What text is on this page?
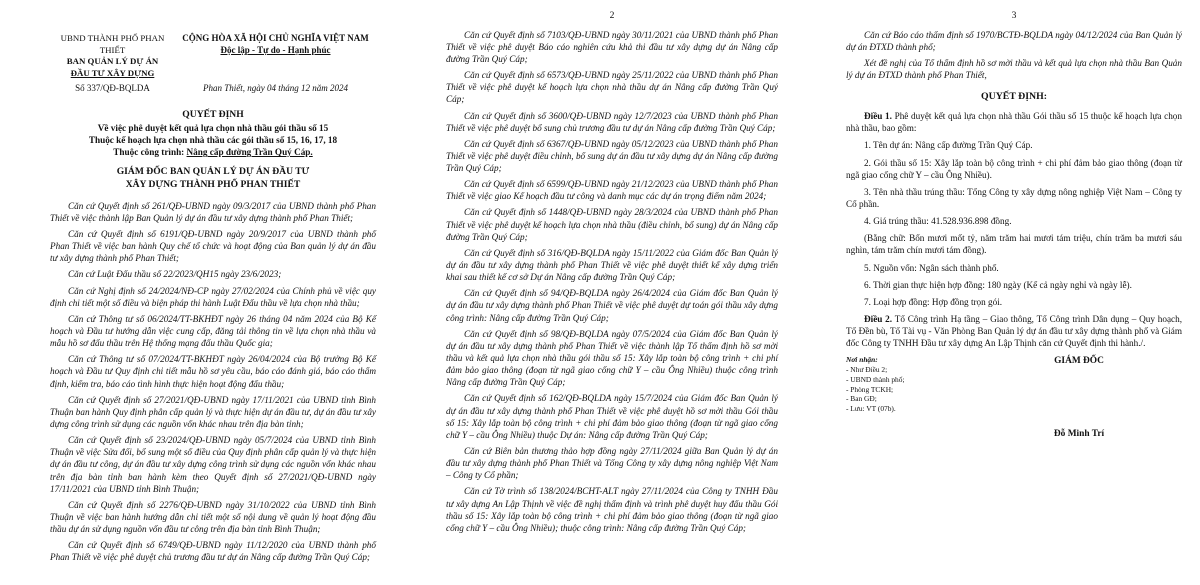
UBND THÀNH PHỐ PHAN THIẾT
BAN QUẢN LÝ DỰ ÁN
ĐẦU TƯ XÂY DỰNG
CỘNG HÒA XÃ HỘI CHỦ NGHĨA VIỆT NAM
Độc lập - Tự do - Hạnh phúc
Số 337/QĐ-BQLDA	Phan Thiết, ngày 04 tháng 12 năm 2024
QUYẾT ĐỊNH
Về việc phê duyệt kết quả lựa chọn nhà thầu gói thầu số 15
Thuộc kế hoạch lựa chọn nhà thầu các gói thầu số 15, 16, 17, 18
Thuộc công trình: Nâng cấp đường Trần Quý Cáp.
GIÁM ĐỐC BAN QUẢN LÝ DỰ ÁN ĐẦU TƯ
XÂY DỰNG THÀNH PHỐ PHAN THIẾT

Căn cứ Quyết định số 261/QĐ-UBND ngày 09/3/2017 của UBND thành phố Phan Thiết về việc thành lập Ban Quản lý dự án đầu tư xây dựng thành phố Phan Thiết;

Căn cứ Quyết định số 6191/QĐ-UBND ngày 20/9/2017 của UBND thành phố Phan Thiết về việc ban hành Quy chế tổ chức và hoạt động của Ban quản lý dự án đầu tư xây dựng thành phố Phan Thiết;

Căn cứ Luật Đấu thầu số 22/2023/QH15 ngày 23/6/2023;

Căn cứ Nghị định số 24/2024/NĐ-CP ngày 27/02/2024 của Chính phủ về việc quy định chi tiết một số điều và biện pháp thi hành Luật Đấu thầu về lựa chọn nhà thầu;

Căn cứ Thông tư số 06/2024/TT-BKHĐT ngày 26 tháng 04 năm 2024 của Bộ Kế hoạch và Đầu tư hướng dẫn việc cung cấp, đăng tải thông tin về lựa chọn nhà thầu và mẫu hồ sơ đấu thầu trên Hệ thống mạng đấu thầu Quốc gia;

Căn cứ Thông tư số 07/2024/TT-BKHĐT ngày 26/04/2024 của Bộ trưởng Bộ Kế hoạch và Đầu tư Quy định chi tiết mẫu hồ sơ yêu cầu, báo cáo đánh giá, báo cáo thẩm định, kiểm tra, báo cáo tình hình thực hiện hoạt động đấu thầu;

Căn cứ Quyết định số 27/2021/QĐ-UBND ngày 17/11/2021 của UBND tỉnh Bình Thuận ban hành Quy định phân cấp quản lý và thực hiện dự án đầu tư, dự án đầu tư xây dựng công trình sử dụng các nguồn vốn khác nhau trên địa bàn tỉnh;

Căn cứ Quyết định số 23/2024/QĐ-UBND ngày 05/7/2024 của UBND tỉnh Bình Thuận về việc Sửa đổi, bổ sung một số điều của Quy định phân cấp quản lý và thực hiện dự án đầu tư công, dự án đầu tư xây dựng công trình sử dụng các nguồn vốn khác nhau trên địa bàn tỉnh ban hành kèm theo Quyết định số 27/2021/QĐ-UBND ngày 17/11/2021 của UBND tỉnh Bình Thuận;

Căn cứ Quyết định số 2276/QĐ-UBND ngày 31/10/2022 của UBND tỉnh Bình Thuận về việc ban hành hướng dẫn chi tiết một số nội dung về quản lý hoạt động đầu thầu dự án sử dụng nguồn vốn đầu tư công trên địa bàn tỉnh Bình Thuận;

Căn cứ Quyết định số 6749/QĐ-UBND ngày 11/12/2020 của UBND thành phố Phan Thiết về việc phê duyệt chủ trương đầu tư dự án Nâng cấp đường Trần Quý Cáp;

2

Căn cứ Quyết định số 7103/QĐ-UBND ngày 30/11/2021 của UBND thành phố Phan Thiết về việc phê duyệt Báo cáo nghiên cứu khả thi đầu tư xây dựng dự án Nâng cấp đường Trần Quý Cáp;

Căn cứ Quyết định số 6573/QĐ-UBND ngày 25/11/2022 của UBND thành phố Phan Thiết về việc phê duyệt kế hoạch lựa chọn nhà thầu dự án Nâng cấp đường Trần Quý Cáp;

Căn cứ Quyết định số 3600/QĐ-UBND ngày 12/7/2023 của UBND thành phố Phan Thiết về việc phê duyệt bổ sung chủ trương đầu tư dự án Nâng cấp đường Trần Quý Cáp;

Căn cứ Quyết định số 6367/QĐ-UBND ngày 05/12/2023 của UBND thành phố Phan Thiết về việc phê duyệt điều chỉnh, bổ sung dự án đầu tư xây dựng dự án Nâng cấp đường Trần Quý Cáp;

Căn cứ Quyết định số 6599/QĐ-UBND ngày 21/12/2023 của UBND thành phố Phan Thiết về việc giao Kế hoạch đầu tư công và danh mục các dự án trọng điểm năm 2024;

Căn cứ Quyết định số 1448/QĐ-UBND ngày 28/3/2024 của UBND thành phố Phan Thiết về việc phê duyệt kế hoạch lựa chọn nhà thầu (điều chỉnh, bổ sung) dự án Nâng cấp đường Trần Quý Cáp;

Căn cứ Quyết định số 316/QĐ-BQLDA ngày 15/11/2022 của Giám đốc Ban Quản lý dự án đầu tư xây dựng thành phố Phan Thiết về việc phê duyệt thiết kế xây dựng triển khai sau thiết kế cơ sở Dự án Nâng cấp đường Trần Quý Cáp;

Căn cứ Quyết định số 94/QĐ-BQLDA ngày 26/4/2024 của Giám đốc Ban Quản lý dự án đầu tư xây dựng thành phố Phan Thiết về việc phê duyệt dự toán gói thầu xây dựng công trình: Nâng cấp đường Trần Quý Cáp;

Căn cứ Quyết định số 98/QĐ-BQLDA ngày 07/5/2024 của Giám đốc Ban Quản lý dự án đầu tư xây dựng thành phố Phan Thiết về việc thành lập Tổ thẩm định hồ sơ mời thầu và kết quả lựa chọn nhà thầu gói thầu số 15: Xây lắp toàn bộ công trình + chi phí đảm bảo giao thông (đoạn từ ngã giao cống chữ Y – cầu Ông Nhiều) thuộc công trình Nâng cấp đường Trần Quý Cáp;

Căn cứ Quyết định số 162/QĐ-BQLDA ngày 15/7/2024 của Giám đốc Ban Quản lý dự án đầu tư xây dựng thành phố Phan Thiết về việc phê duyệt hồ sơ mời thầu Gói thầu số 15: Xây lắp toàn bộ công trình + chi phí đảm bảo giao thông (đoạn từ ngã giao cống chữ Y – cầu Ông Nhiều) thuộc Dự án: Nâng cấp đường Trần Quý Cáp;

Căn cứ Biên bản thương thảo hợp đồng ngày 27/11/2024 giữa Ban Quản lý dự án đầu tư xây dựng thành phố Phan Thiết và Tổng Công ty xây dựng nông nghiệp Việt Nam – Công ty Cổ phần;

Căn cứ Tờ trình số 138/2024/BCHT-ALT ngày 27/11/2024 của Công ty TNHH Đầu tư xây dựng An Lập Thịnh về việc đề nghị thẩm định và trình phê duyệt huy đấu thầu Gói thầu số 15: Xây lắp toàn bộ công trình + chi phí đảm bảo giao thông (đoạn từ ngã giao cống chữ Y – cầu Ông Nhiều); thuộc công trình: Nâng cấp đường Trần Quý Cáp;

3

Căn cứ Báo cáo thẩm định số 1970/BCTĐ-BQLDA ngày 04/12/2024 của Ban Quản lý dự án ĐTXD thành phố;

Xét đề nghị của Tổ thẩm định hồ sơ mời thầu và kết quả lựa chọn nhà thầu Ban Quản lý dự án ĐTXD thành phố Phan Thiết,

QUYẾT ĐỊNH:

Điều 1. Phê duyệt kết quả lựa chọn nhà thầu Gói thầu số 15 thuộc kế hoạch lựa chọn nhà thầu, bao gồm:

1. Tên dự án: Nâng cấp đường Trần Quý Cáp.

2. Gói thầu số 15: Xây lắp toàn bộ công trình + chi phí đảm bảo giao thông (đoạn từ ngã giao cống chữ Y – cầu Ông Nhiều).

3. Tên nhà thầu trúng thầu: Tổng Công ty xây dựng nông nghiệp Việt Nam – Công ty Cổ phần.

4. Giá trúng thầu: 41.528.936.898 đồng.

(Bằng chữ: Bốn mươi mốt tỷ, năm trăm hai mươi tám triệu, chín trăm ba mươi sáu nghìn, tám trăm chín mươi tám đồng).

5. Nguồn vốn: Ngân sách thành phố.

6. Thời gian thực hiện hợp đồng: 180 ngày (Kể cả ngày nghỉ và ngày lễ).

7. Loại hợp đồng: Hợp đồng trọn gói.

Điều 2. Tổ Công trình Hạ tầng – Giao thông, Tổ Công trình Dân dụng – Quy hoạch, Tổ Đền bù, Tổ Tài vụ - Văn Phòng Ban Quản lý dự án đầu tư xây dựng thành phố và Giám đốc Công ty TNHH Đầu tư xây dựng An Lập Thịnh căn cứ Quyết định thi hành./.

Nơi nhận:
- Như Điều 2;
- UBND thành phố;
- Phòng TCKH;
- Ban GĐ;
- Lưu: VT (07b).
GIÁM ĐỐC
Đỗ Minh Trí
